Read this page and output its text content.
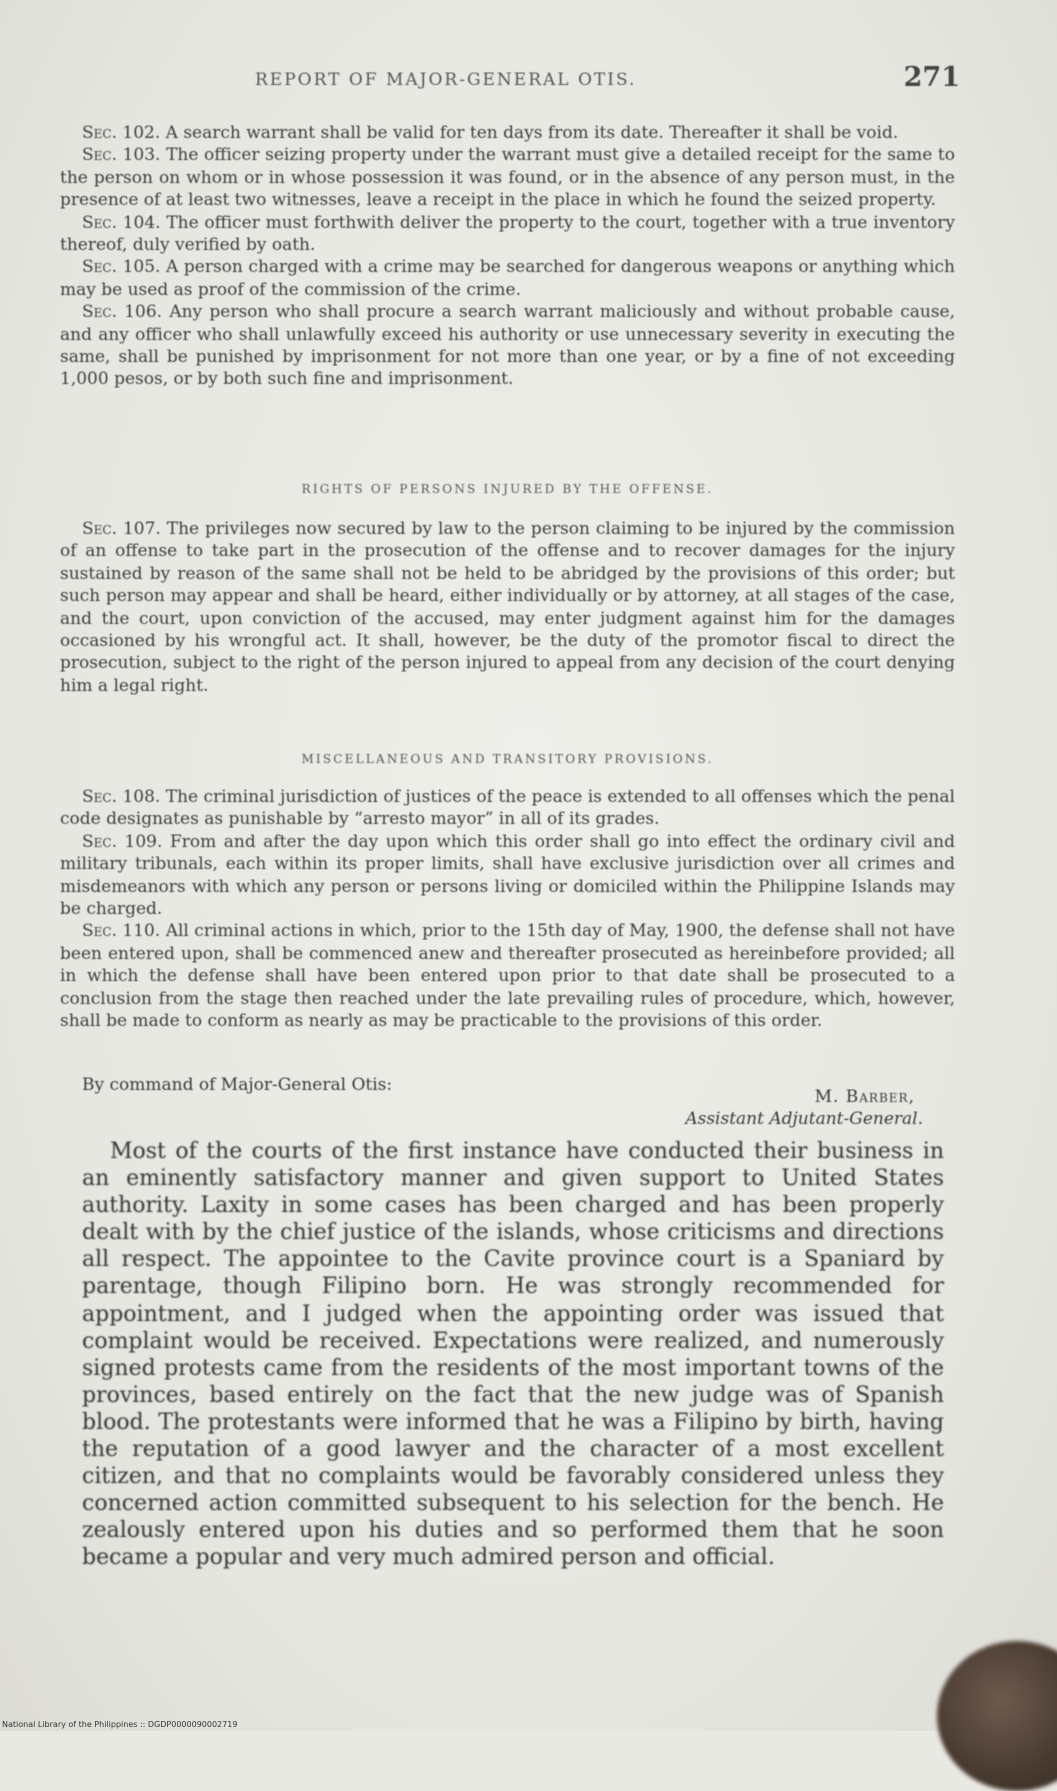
REPORT OF MAJOR-GENERAL OTIS.	271

Sec. 102. A search warrant shall be valid for ten days from its date. Thereafter it shall be void.

Sec. 103. The officer seizing property under the warrant must give a detailed receipt for the same to the person on whom or in whose possession it was found, or in the absence of any person must, in the presence of at least two witnesses, leave a receipt in the place in which he found the seized property.

Sec. 104. The officer must forthwith deliver the property to the court, together with a true inventory thereof, duly verified by oath.

Sec. 105. A person charged with a crime may be searched for dangerous weapons or anything which may be used as proof of the commission of the crime.

Sec. 106. Any person who shall procure a search warrant maliciously and without probable cause, and any officer who shall unlawfully exceed his authority or use unnecessary severity in executing the same, shall be punished by imprisonment for not more than one year, or by a fine of not exceeding 1,000 pesos, or by both such fine and imprisonment.

RIGHTS OF PERSONS INJURED BY THE OFFENSE.

Sec. 107. The privileges now secured by law to the person claiming to be injured by the commission of an offense to take part in the prosecution of the offense and to recover damages for the injury sustained by reason of the same shall not be held to be abridged by the provisions of this order; but such person may appear and shall be heard, either individually or by attorney, at all stages of the case, and the court, upon conviction of the accused, may enter judgment against him for the damages occasioned by his wrongful act. It shall, however, be the duty of the promotor fiscal to direct the prosecution, subject to the right of the person injured to appeal from any decision of the court denying him a legal right.

MISCELLANEOUS AND TRANSITORY PROVISIONS.

Sec. 108. The criminal jurisdiction of justices of the peace is extended to all offenses which the penal code designates as punishable by “arresto mayor” in all of its grades.

Sec. 109. From and after the day upon which this order shall go into effect the ordinary civil and military tribunals, each within its proper limits, shall have exclusive jurisdiction over all crimes and misdemeanors with which any person or persons living or domiciled within the Philippine Islands may be charged.

Sec. 110. All criminal actions in which, prior to the 15th day of May, 1900, the defense shall not have been entered upon, shall be commenced anew and thereafter prosecuted as hereinbefore provided; all in which the defense shall have been entered upon prior to that date shall be prosecuted to a conclusion from the stage then reached under the late prevailing rules of procedure, which, however, shall be made to conform as nearly as may be practicable to the provisions of this order.

By command of Major-General Otis:
M. Barber,
Assistant Adjutant-General.

Most of the courts of the first instance have conducted their business in an eminently satisfactory manner and given support to United States authority. Laxity in some cases has been charged and has been properly dealt with by the chief justice of the islands, whose criticisms and directions all respect. The appointee to the Cavite province court is a Spaniard by parentage, though Filipino born. He was strongly recommended for appointment, and I judged when the appointing order was issued that complaint would be received. Expectations were realized, and numerously signed protests came from the residents of the most important towns of the provinces, based entirely on the fact that the new judge was of Spanish blood. The protestants were informed that he was a Filipino by birth, having the reputation of a good lawyer and the character of a most excellent citizen, and that no complaints would be favorably considered unless they concerned action committed subsequent to his selection for the bench. He zealously entered upon his duties and so performed them that he soon became a popular and very much admired person and official.

National Library of the Philippines :: DGDP0000090002719
